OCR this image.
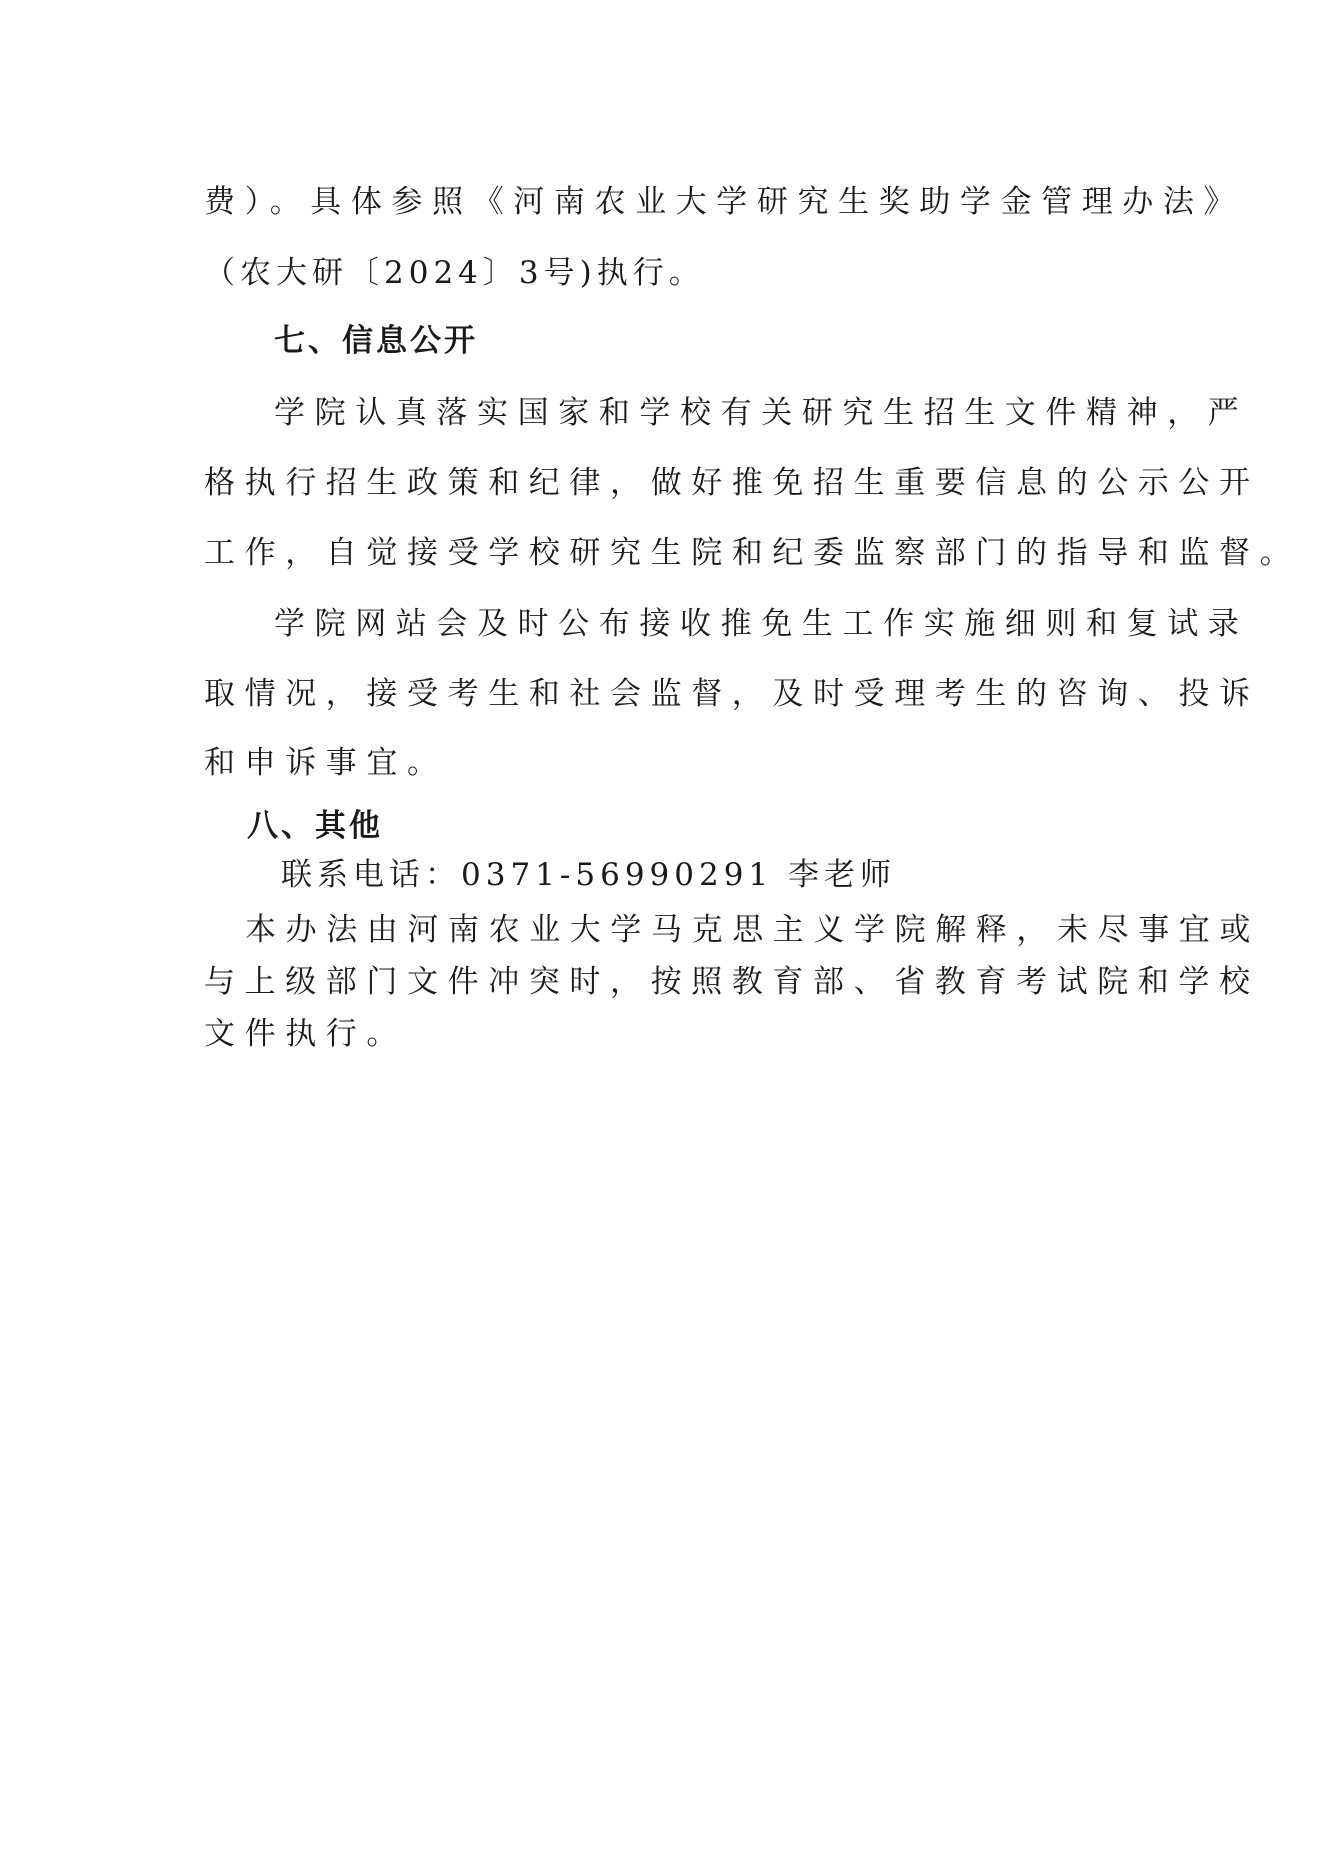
费）。具体参照《河南农业大学研究生奖助学金管理办法》
（农大研〔2024〕3号)执行。
七、信息公开
学院认真落实国家和学校有关研究生招生文件精神，严
格执行招生政策和纪律，做好推免招生重要信息的公示公开
工作，自觉接受学校研究生院和纪委监察部门的指导和监督。
学院网站会及时公布接收推免生工作实施细则和复试录
取情况，接受考生和社会监督，及时受理考生的咨询、投诉
和申诉事宜。
八、其他
联系电话：0371-56990291 李老师
本办法由河南农业大学马克思主义学院解释，未尽事宜或
与上级部门文件冲突时，按照教育部、省教育考试院和学校
文件执行。
